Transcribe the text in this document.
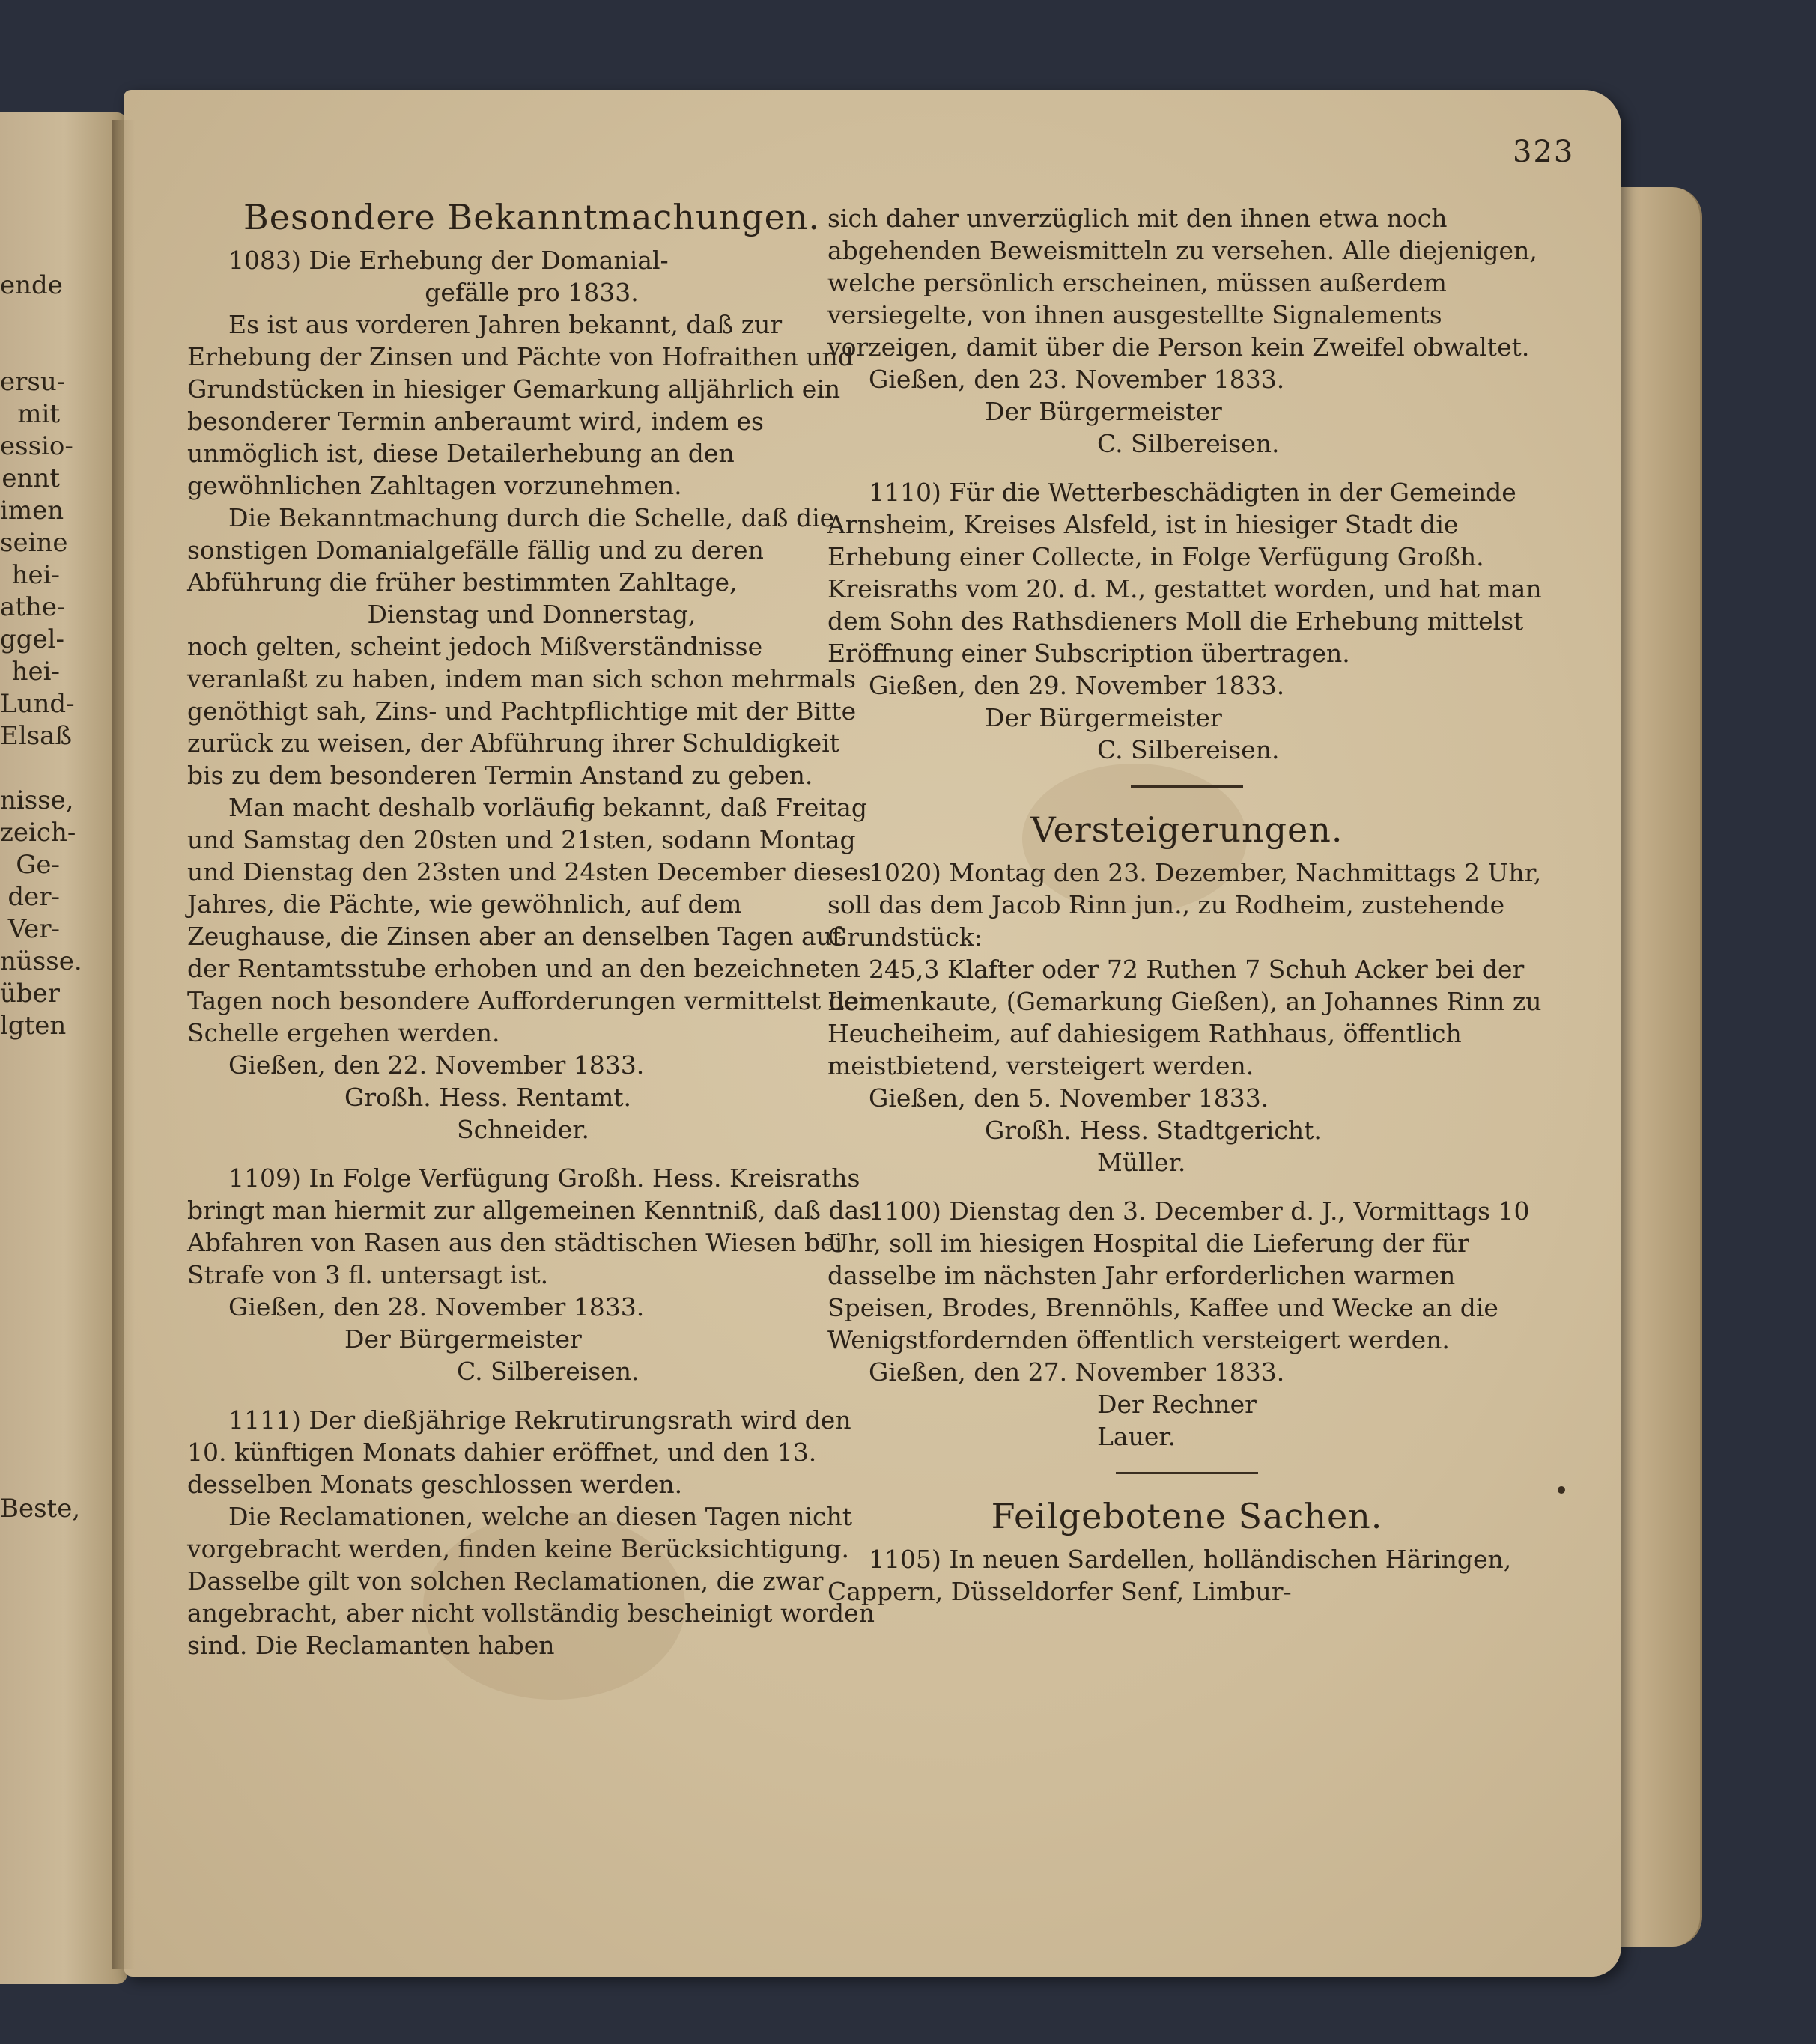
323

Besondere Bekanntmachungen.

1083) Die Erhebung der Domanial-

gefälle pro 1833.

Es ist aus vorderen Jahren bekannt, daß zur Erhebung der Zinsen und Pächte von Hofraithen und Grundstücken in hiesiger Gemarkung alljährlich ein besonderer Termin anberaumt wird, indem es unmöglich ist, diese Detailerhebung an den gewöhnlichen Zahltagen vorzunehmen.

Die Bekanntmachung durch die Schelle, daß die sonstigen Domanialgefälle fällig und zu deren Abführung die früher bestimmten Zahltage,

Dienstag und Donnerstag,

noch gelten, scheint jedoch Mißverständnisse veranlaßt zu haben, indem man sich schon mehrmals genöthigt sah, Zins- und Pachtpflichtige mit der Bitte zurück zu weisen, der Abführung ihrer Schuldigkeit bis zu dem besonderen Termin Anstand zu geben.

Man macht deshalb vorläufig bekannt, daß Freitag und Samstag den 20sten und 21sten, sodann Montag und Dienstag den 23sten und 24sten December dieses Jahres, die Pächte, wie gewöhnlich, auf dem Zeughause, die Zinsen aber an denselben Tagen auf der Rentamtsstube erhoben und an den bezeichneten Tagen noch besondere Aufforderungen vermittelst der Schelle ergehen werden.

Gießen, den 22. November 1833.

Großh. Hess. Rentamt.

Schneider.

1109) In Folge Verfügung Großh. Hess. Kreisraths bringt man hiermit zur allgemeinen Kenntniß, daß das Abfahren von Rasen aus den städtischen Wiesen bei Strafe von 3 fl. untersagt ist.

Gießen, den 28. November 1833.

Der Bürgermeister

C. Silbereisen.

1111) Der dießjährige Rekrutirungsrath wird den 10. künftigen Monats dahier eröffnet, und den 13. desselben Monats geschlossen werden.

Die Reclamationen, welche an diesen Tagen nicht vorgebracht werden, finden keine Berücksichtigung. Dasselbe gilt von solchen Reclamationen, die zwar angebracht, aber nicht vollständig bescheinigt worden sind. Die Reclamanten haben

sich daher unverzüglich mit den ihnen etwa noch abgehenden Beweismitteln zu versehen. Alle diejenigen, welche persönlich erscheinen, müssen außerdem versiegelte, von ihnen ausgestellte Signalements vorzeigen, damit über die Person kein Zweifel obwaltet.

Gießen, den 23. November 1833.

Der Bürgermeister

C. Silbereisen.

1110) Für die Wetterbeschädigten in der Gemeinde Arnsheim, Kreises Alsfeld, ist in hiesiger Stadt die Erhebung einer Collecte, in Folge Verfügung Großh. Kreisraths vom 20. d. M., gestattet worden, und hat man dem Sohn des Rathsdieners Moll die Erhebung mittelst Eröffnung einer Subscription übertragen.

Gießen, den 29. November 1833.

Der Bürgermeister

C. Silbereisen.

Versteigerungen.

1020) Montag den 23. Dezember, Nachmittags 2 Uhr, soll das dem Jacob Rinn jun., zu Rodheim, zustehende Grundstück:

245,3 Klafter oder 72 Ruthen 7 Schuh Acker bei der Leimenkaute, (Gemarkung Gießen), an Johannes Rinn zu Heucheiheim, auf dahiesigem Rathhaus, öffentlich meistbietend, versteigert werden.

Gießen, den 5. November 1833.

Großh. Hess. Stadtgericht.

Müller.

1100) Dienstag den 3. December d. J., Vormittags 10 Uhr, soll im hiesigen Hospital die Lieferung der für dasselbe im nächsten Jahr erforderlichen warmen Speisen, Brodes, Brennöhls, Kaffee und Wecke an die Wenigstfordernden öffentlich versteigert werden.

Gießen, den 27. November 1833.

Der Rechner

Lauer.

Feilgebotene Sachen.

1105) In neuen Sardellen, holländischen Häringen, Cappern, Düsseldorfer Senf, Limbur-

ende
ersu-
mit
essio-
ennt
imen
seine
hei-
athe-
ggel-
hei-
Lund-
Elsaß
nisse,
zeich-
Ge-
der-
Ver-
nüsse.
über
lgten
Beste,
